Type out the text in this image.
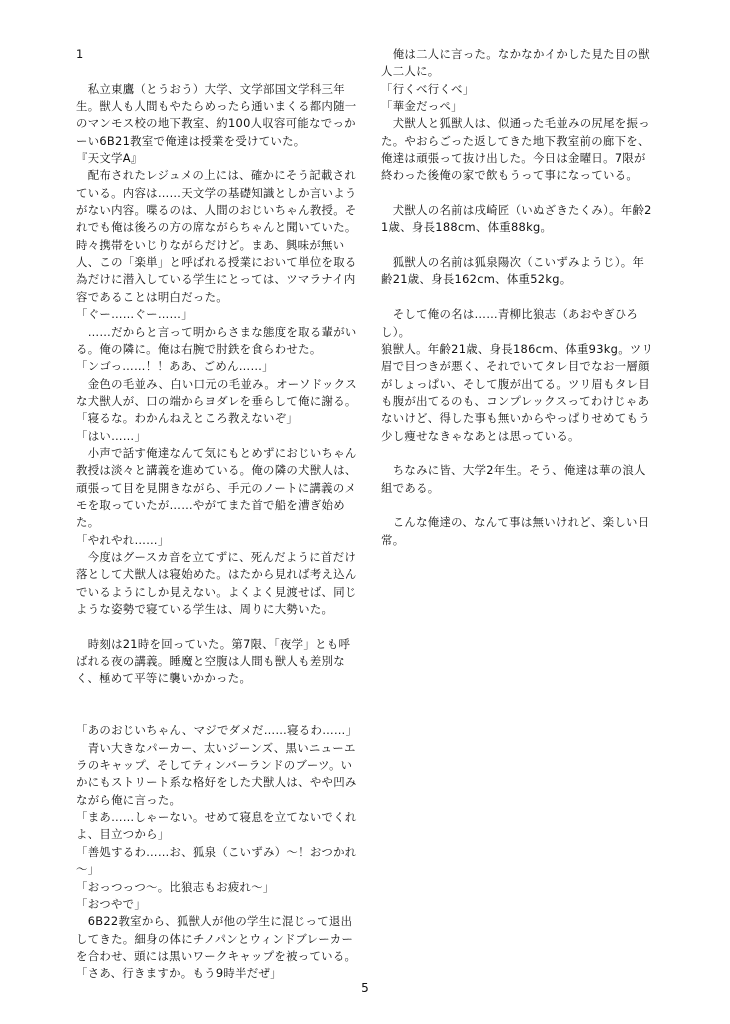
1

　私立東鷹（とうおう）大学、文学部国文学科三年生。獣人も人間もやたらめったら通いまくる都内随一のマンモス校の地下教室、約100人収容可能なでっかーい6B21教室で俺達は授業を受けていた。

『天文学A』

　配布されたレジュメの上には、確かにそう記載されている。内容は……天文学の基礎知識としか言いようがない内容。喋るのは、人間のおじいちゃん教授。それでも俺は後ろの方の席ながらちゃんと聞いていた。時々携帯をいじりながらだけど。まあ、興味が無い人、この「楽単」と呼ばれる授業において単位を取る為だけに潜入している学生にとっては、ツマラナイ内容であることは明白だった。

「ぐー……ぐー……」

　……だからと言って明からさまな態度を取る輩がいる。俺の隣に。俺は右腕で肘鉄を食らわせた。

「ンゴっ……！！ああ、ごめん……」

　金色の毛並み、白い口元の毛並み。オーソドックスな犬獣人が、口の端からヨダレを垂らして俺に謝る。

「寝るな。わかんねえところ教えないぞ」

「はい……」

　小声で話す俺達なんて気にもとめずにおじいちゃん教授は淡々と講義を進めている。俺の隣の犬獣人は、頑張って目を見開きながら、手元のノートに講義のメモを取っていたが……やがてまた首で船を漕ぎ始めた。

「やれやれ……」

　今度はグースカ音を立てずに、死んだように首だけ落として犬獣人は寝始めた。はたから見れば考え込んでいるようにしか見えない。よくよく見渡せば、同じような姿勢で寝ている学生は、周りに大勢いた。

　時刻は21時を回っていた。第7限、「夜学」とも呼ばれる夜の講義。睡魔と空腹は人間も獣人も差別なく、極めて平等に襲いかかった。

「あのおじいちゃん、マジでダメだ……寝るわ……」

　青い大きなパーカー、太いジーンズ、黒いニューエラのキャップ、そしてティンバーランドのブーツ。いかにもストリート系な格好をした犬獣人は、やや凹みながら俺に言った。

「まあ……しゃーない。せめて寝息を立てないでくれよ、目立つから」

「善処するわ……お、狐泉（こいずみ）～！おつかれ～」

「おっつっつ～。比狼志もお疲れ～」

「おつやで」

　6B22教室から、狐獣人が他の学生に混じって退出してきた。細身の体にチノパンとウィンドブレーカーを合わせ、頭には黒いワークキャップを被っている。

「さあ、行きますか。もう9時半だぜ」

　俺は二人に言った。なかなかイかした見た目の獣人二人に。

「行くべ行くべ」

「華金だっぺ」

　犬獣人と狐獣人は、似通った毛並みの尻尾を振った。やおらごった返してきた地下教室前の廊下を、俺達は頑張って抜け出した。今日は金曜日。7限が終わった後俺の家で飲もうって事になっている。

　犬獣人の名前は戌崎匠（いぬざきたくみ）。年齢21歳、身長188cm、体重88kg。

　狐獣人の名前は狐泉陽次（こいずみようじ）。年齢21歳、身長162cm、体重52kg。

　そして俺の名は……青柳比狼志（あおやぎひろし）。

狼獣人。年齢21歳、身長186cm、体重93kg。ツリ眉で目つきが悪く、それでいてタレ目でなお一層顔がしょっぱい、そして腹が出てる。ツリ眉もタレ目も腹が出てるのも、コンプレックスってわけじゃあないけど、得した事も無いからやっぱりせめてもう少し痩せなきゃなあとは思っている。

　ちなみに皆、大学2年生。そう、俺達は華の浪人組である。

　こんな俺達の、なんて事は無いけれど、楽しい日常。

5
